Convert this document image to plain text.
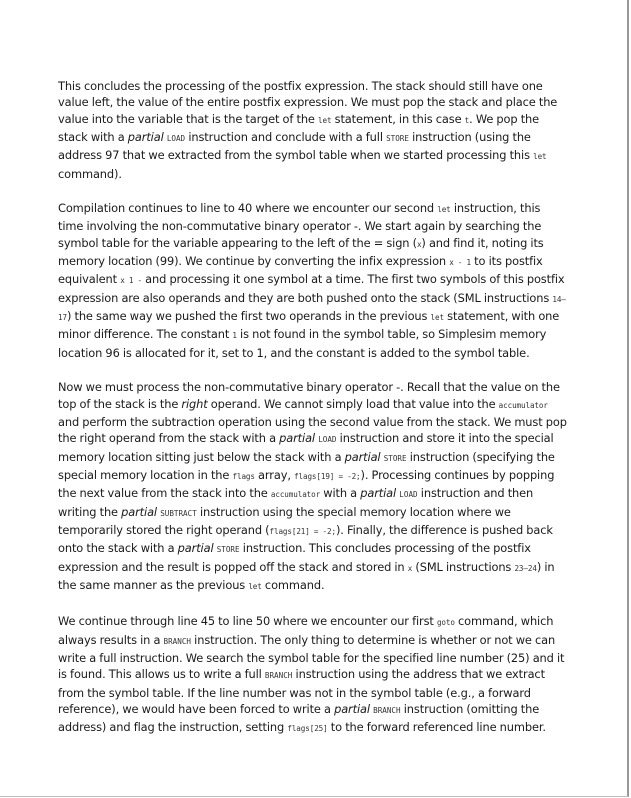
This concludes the processing of the postfix expression. The stack should still have one value left, the value of the entire postfix expression. We must pop the stack and place the value into the variable that is the target of the let statement, in this case t. We pop the stack with a partial LOAD instruction and conclude with a full STORE instruction (using the address 97 that we extracted from the symbol table when we started processing this let command).

Compilation continues to line to 40 where we encounter our second let instruction, this time involving the non-commutative binary operator -. We start again by searching the symbol table for the variable appearing to the left of the = sign (x) and find it, noting its memory location (99). We continue by converting the infix expression x - 1 to its postfix equivalent x 1 - and processing it one symbol at a time. The first two symbols of this postfix expression are also operands and they are both pushed onto the stack (SML instructions 14–17) the same way we pushed the first two operands in the previous let statement, with one minor difference. The constant 1 is not found in the symbol table, so Simplesim memory location 96 is allocated for it, set to 1, and the constant is added to the symbol table.

Now we must process the non-commutative binary operator -. Recall that the value on the top of the stack is the right operand. We cannot simply load that value into the accumulator and perform the subtraction operation using the second value from the stack. We must pop the right operand from the stack with a partial LOAD instruction and store it into the special memory location sitting just below the stack with a partial STORE instruction (specifying the special memory location in the flags array, flags[19] = -2;). Processing continues by popping the next value from the stack into the accumulator with a partial LOAD instruction and then writing the partial SUBTRACT instruction using the special memory location where we temporarily stored the right operand (flags[21] = -2;). Finally, the difference is pushed back onto the stack with a partial STORE instruction. This concludes processing of the postfix expression and the result is popped off the stack and stored in x (SML instructions 23–24) in the same manner as the previous let command.

We continue through line 45 to line 50 where we encounter our first goto command, which always results in a BRANCH instruction. The only thing to determine is whether or not we can write a full instruction. We search the symbol table for the specified line number (25) and it is found. This allows us to write a full BRANCH instruction using the address that we extract from the symbol table. If the line number was not in the symbol table (e.g., a forward reference), we would have been forced to write a partial BRANCH instruction (omitting the address) and flag the instruction, setting flags[25] to the forward referenced line number.
